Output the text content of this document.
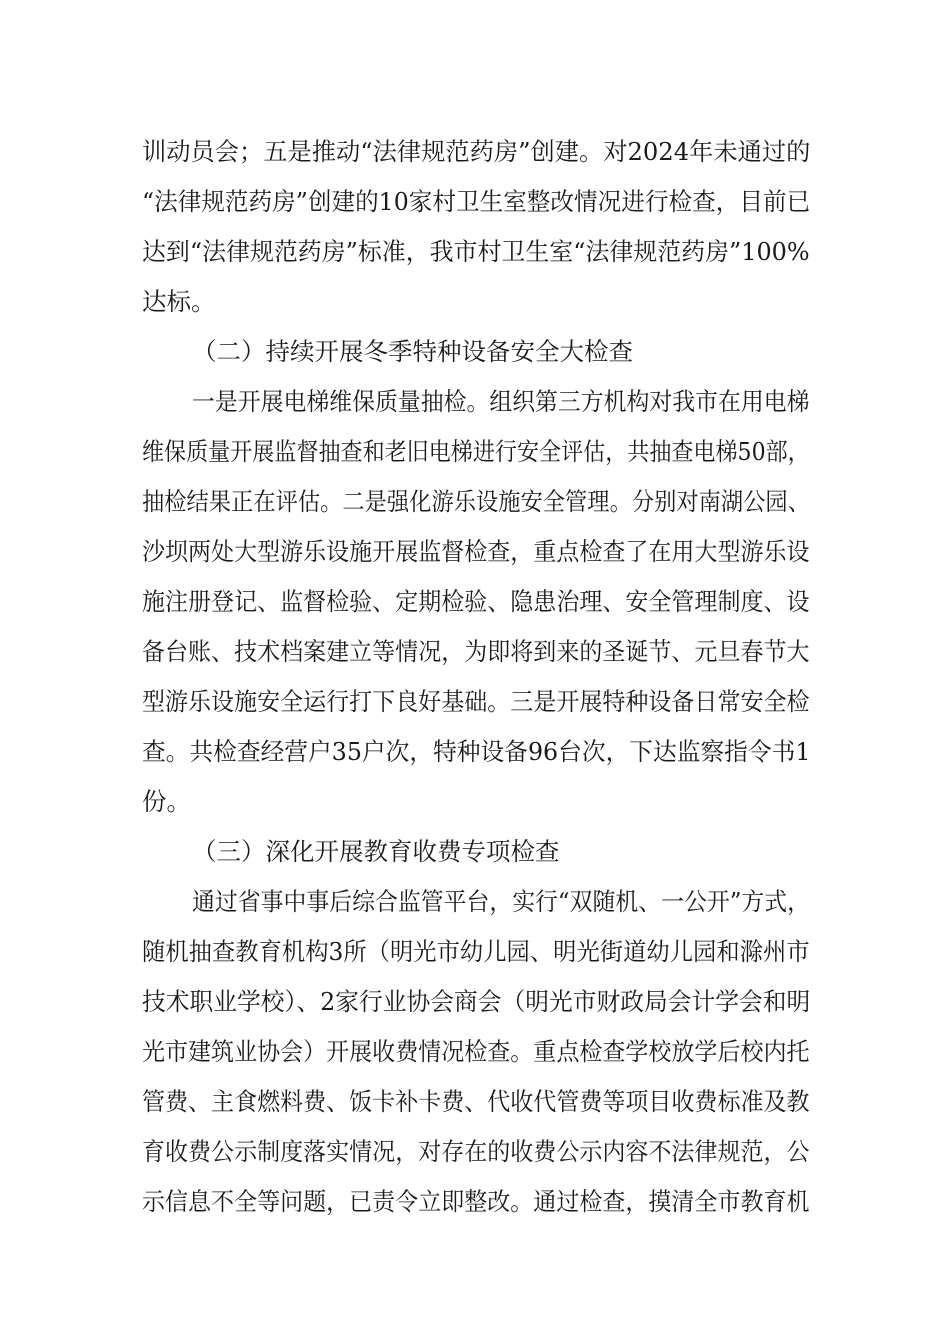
训动员会；五是推动“法律规范药房”创建。对2024年未通过的
“法律规范药房”创建的10家村卫生室整改情况进行检查，目前已
达到“法律规范药房”标准，我市村卫生室“法律规范药房”100%
达标。
（二）持续开展冬季特种设备安全大检查
一是开展电梯维保质量抽检。组织第三方机构对我市在用电梯
维保质量开展监督抽查和老旧电梯进行安全评估，共抽查电梯50部，
抽检结果正在评估。二是强化游乐设施安全管理。分别对南湖公园、
沙坝两处大型游乐设施开展监督检查，重点检查了在用大型游乐设
施注册登记、监督检验、定期检验、隐患治理、安全管理制度、设
备台账、技术档案建立等情况，为即将到来的圣诞节、元旦春节大
型游乐设施安全运行打下良好基础。三是开展特种设备日常安全检
查。共检查经营户35户次，特种设备96台次，下达监察指令书1
份。
（三）深化开展教育收费专项检查
通过省事中事后综合监管平台，实行“双随机、一公开”方式，
随机抽查教育机构3所（明光市幼儿园、明光街道幼儿园和滁州市
技术职业学校）、2家行业协会商会（明光市财政局会计学会和明
光市建筑业协会）开展收费情况检查。重点检查学校放学后校内托
管费、主食燃料费、饭卡补卡费、代收代管费等项目收费标准及教
育收费公示制度落实情况，对存在的收费公示内容不法律规范，公
示信息不全等问题，已责令立即整改。通过检查，摸清全市教育机
